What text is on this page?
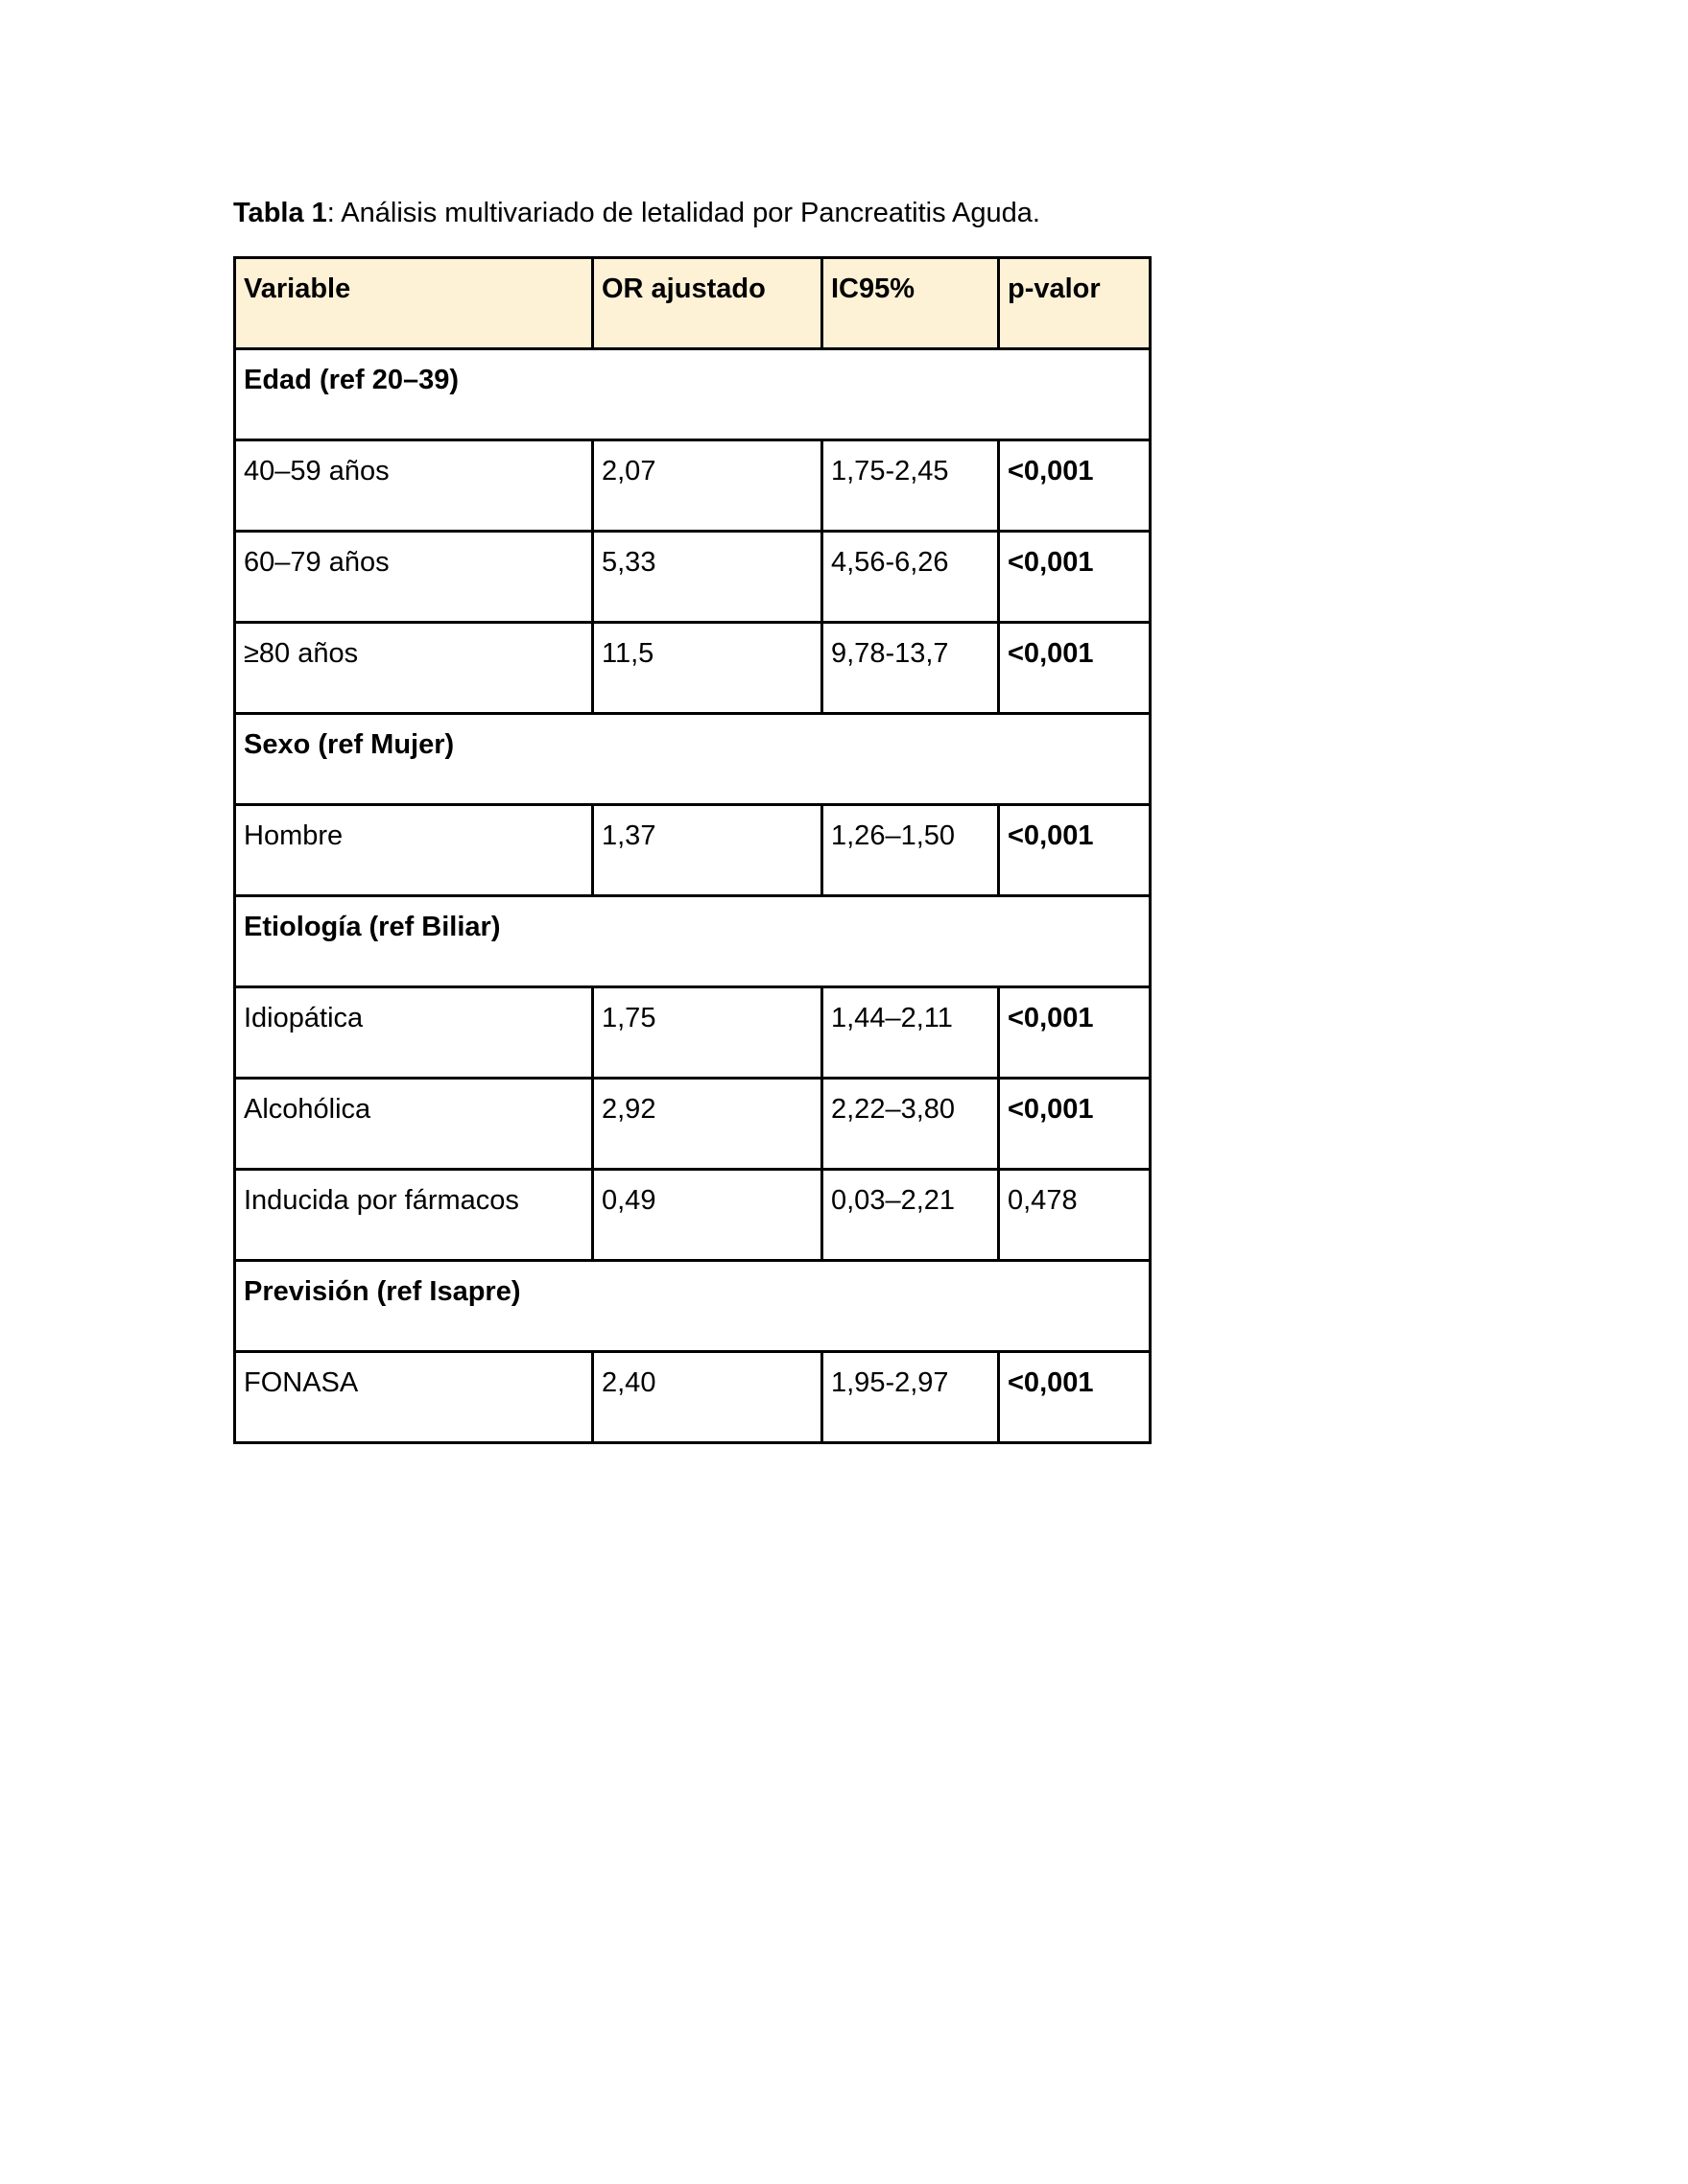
Tabla 1: Análisis multivariado de letalidad por Pancreatitis Aguda.
Variable	OR ajustado	IC95%	p-valor
Edad (ref 20–39)			
40–59 años	2,07	1,75-2,45	<0,001
60–79 años	5,33	4,56-6,26	<0,001
≥80 años	11,5	9,78-13,7	<0,001
Sexo (ref Mujer)			
Hombre	1,37	1,26–1,50	<0,001
Etiología (ref Biliar)			
Idiopática	1,75	1,44–2,11	<0,001
Alcohólica	2,92	2,22–3,80	<0,001
Inducida por fármacos	0,49	0,03–2,21	0,478
Previsión (ref Isapre)			
FONASA	2,40	1,95-2,97	<0,001
